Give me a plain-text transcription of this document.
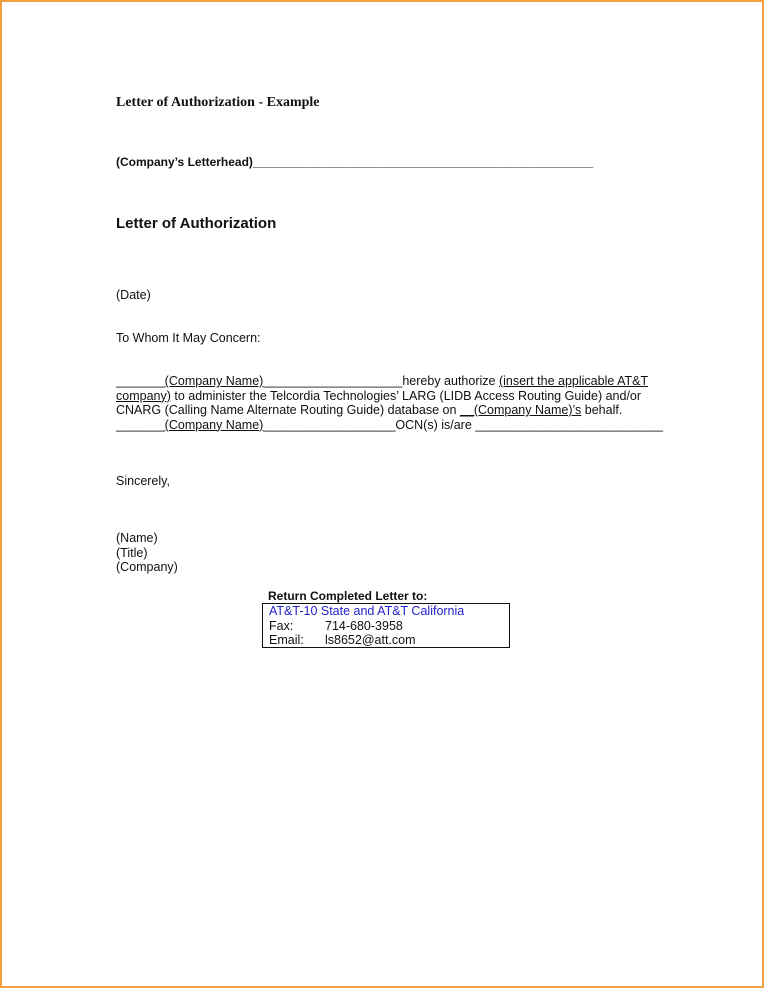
Letter of Authorization - Example
(Company’s Letterhead)___________________________________________________
Letter of Authorization
(Date)
To Whom It May Concern:
_______(Company Name)____________________hereby authorize (insert the applicable AT&T
company) to administer the Telcordia Technologies’ LARG (LIDB Access Routing Guide) and/or
CNARG (Calling Name Alternate Routing Guide) database on __(Company Name)’s behalf.
_______(Company Name)___________________OCN(s) is/are ___________________________
Sincerely,
(Name)
(Title)
(Company)
Return Completed Letter to:
AT&T-10 State and AT&T California
Fax:	714-680-3958
Email:	ls8652@att.com
